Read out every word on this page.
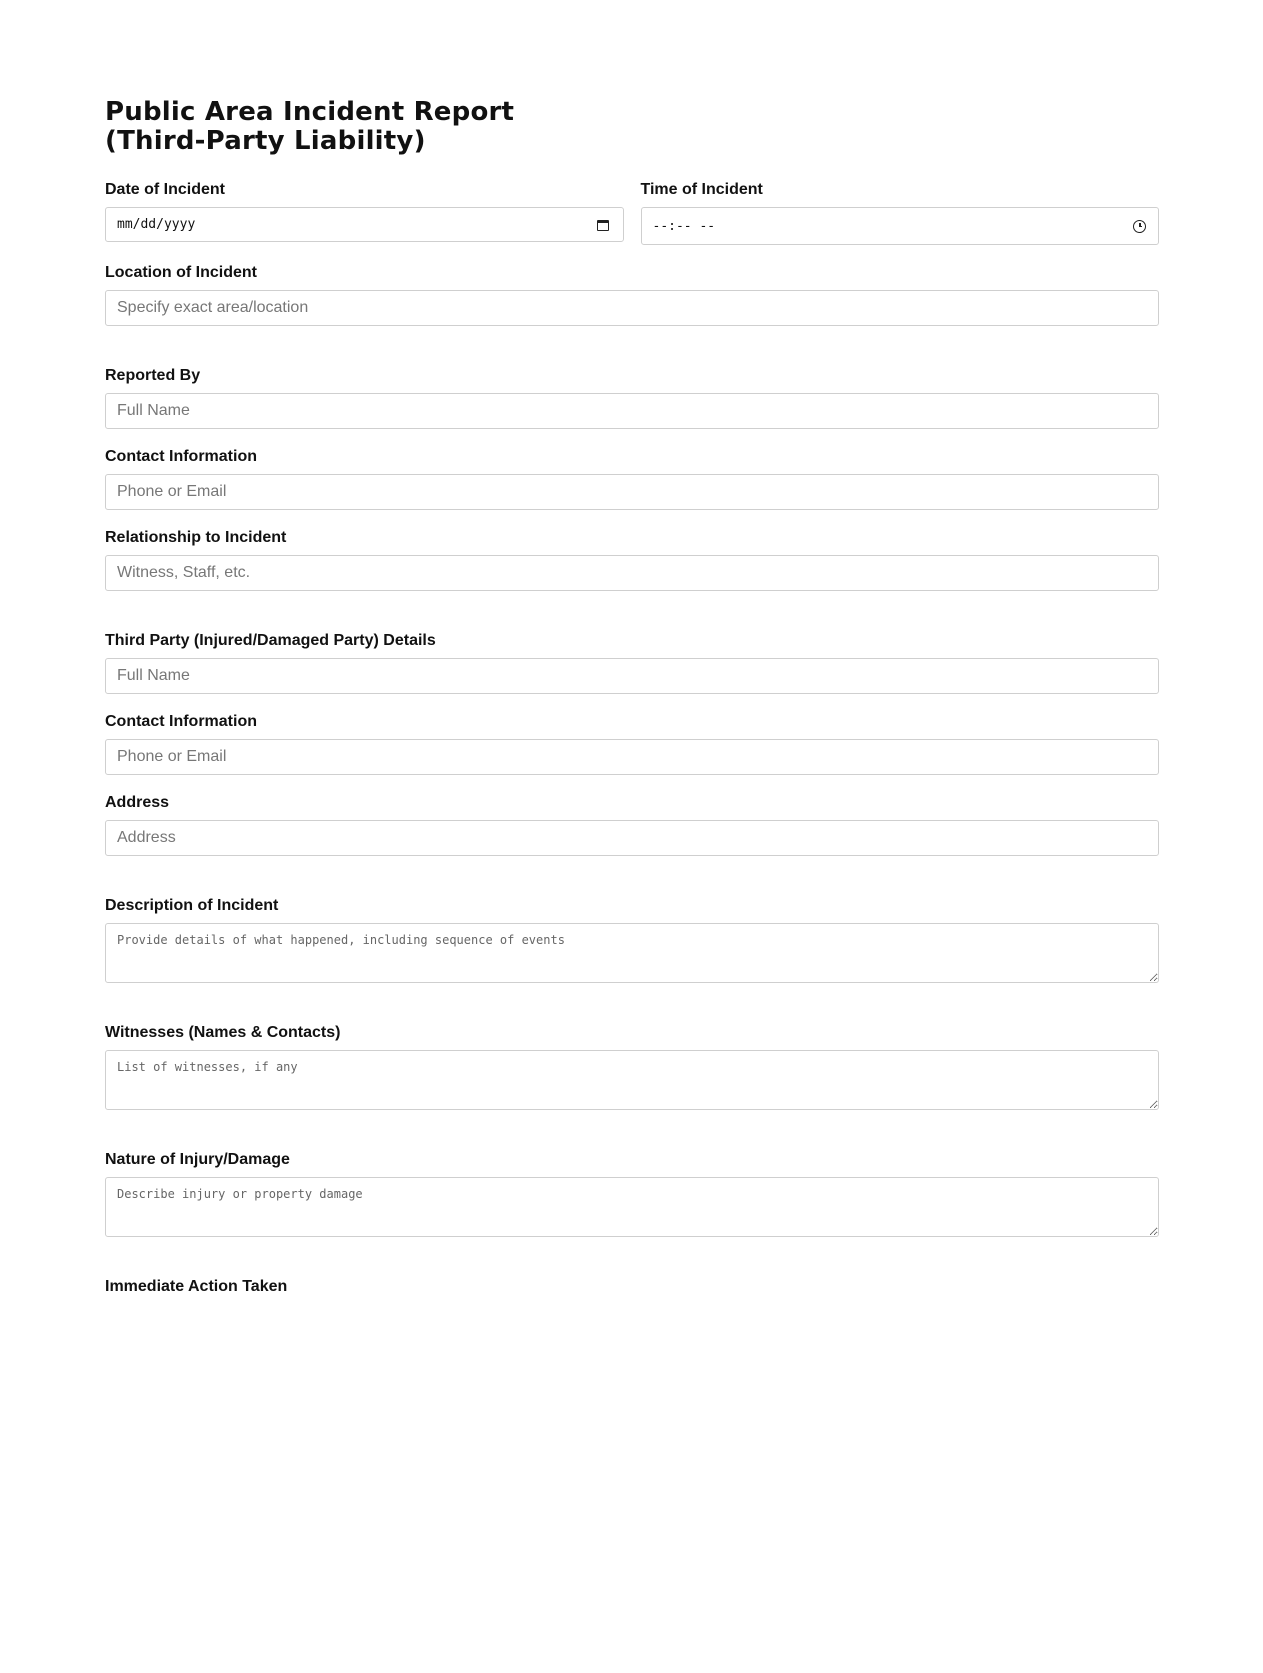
Public Area Incident Report
(Third-Party Liability)
Date of Incident
mm/dd/yyyy
Time of Incident
--:-- --
Location of Incident
Specify exact area/location
Reported By
Full Name
Contact Information
Phone or Email
Relationship to Incident
Witness, Staff, etc.
Third Party (Injured/Damaged Party) Details
Full Name
Contact Information
Phone or Email
Address
Address
Description of Incident
Provide details of what happened, including sequence of events
Witnesses (Names & Contacts)
List of witnesses, if any
Nature of Injury/Damage
Describe injury or property damage
Immediate Action Taken
